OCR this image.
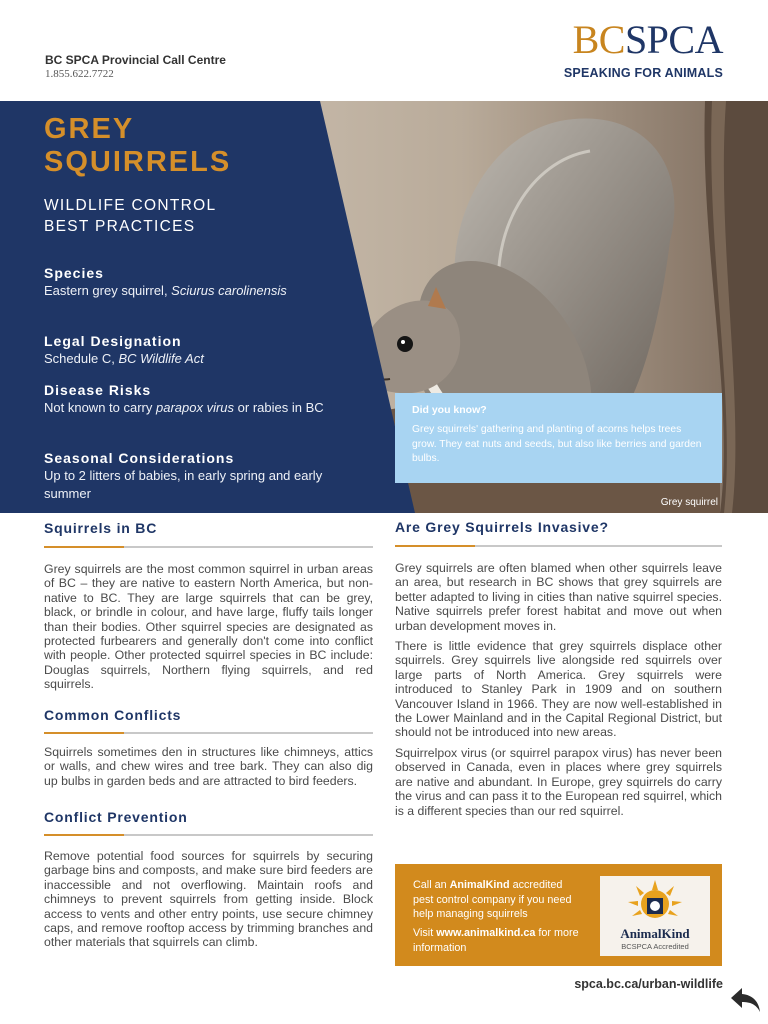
BC SPCA Provincial Call Centre
1.855.622.7722
BCSPCA
SPEAKING FOR ANIMALS
GREY
SQUIRRELS
WILDLIFE CONTROL
BEST PRACTICES
Species
Eastern grey squirrel, Sciurus carolinensis
Legal Designation
Schedule C, BC Wildlife Act
Disease Risks
Not known to carry parapox virus or rabies in BC
Seasonal Considerations
Up to 2 litters of babies, in early spring and early summer
Did you know?
Grey squirrels' gathering and planting of acorns helps trees grow. They eat nuts and seeds, but also like berries and garden bulbs.
Grey squirrel
Squirrels in BC
Grey squirrels are the most common squirrel in urban areas of BC – they are native to eastern North America, but non-native to BC. They are large squirrels that can be grey, black, or brindle in colour, and have large, fluffy tails longer than their bodies. Other squirrel species are designated as protected furbearers and generally don't come into conflict with people. Other protected squirrel species in BC include: Douglas squirrels, Northern flying squirrels, and red squirrels.
Common Conflicts
Squirrels sometimes den in structures like chimneys, attics or walls, and chew wires and tree bark. They can also dig up bulbs in garden beds and are attracted to bird feeders.
Conflict Prevention
Remove potential food sources for squirrels by securing garbage bins and composts, and make sure bird feeders are inaccessible and not overflowing. Maintain roofs and chimneys to prevent squirrels from getting inside. Block access to vents and other entry points, use secure chimney caps, and remove rooftop access by trimming branches and other materials that squirrels can climb.
Are Grey Squirrels Invasive?
Grey squirrels are often blamed when other squirrels leave an area, but research in BC shows that grey squirrels are better adapted to living in cities than native squirrel species. Native squirrels prefer forest habitat and move out when urban development moves in.
There is little evidence that grey squirrels displace other squirrels. Grey squirrels live alongside red squirrels over large parts of North America. Grey squirrels were introduced to Stanley Park in 1909 and on southern Vancouver Island in 1966. They are now well-established in the Lower Mainland and in the Capital Regional District, but should not be introduced into new areas.
Squirrelpox virus (or squirrel parapox virus) has never been observed in Canada, even in places where grey squirrels are native and abundant. In Europe, grey squirrels do carry the virus and can pass it to the European red squirrel, which is a different species than our red squirrel.
Call an AnimalKind accredited pest control company if you need help managing squirrels
Visit www.animalkind.ca for more information
AnimalKind
BCSPCA Accredited
spca.bc.ca/urban-wildlife
